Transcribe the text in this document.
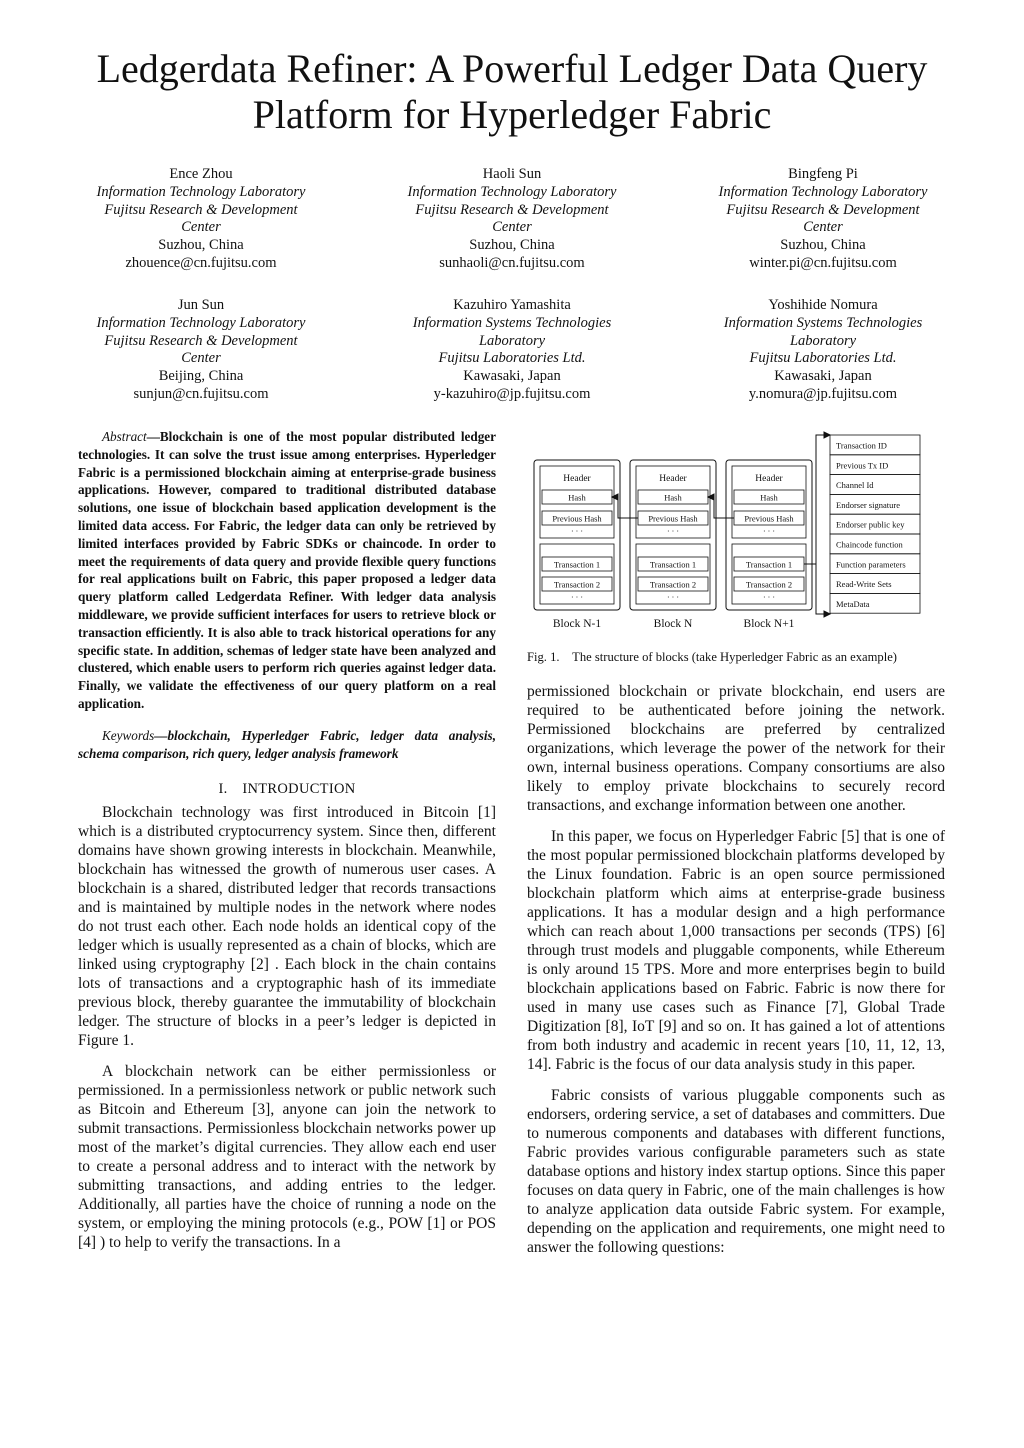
Ledgerdata Refiner: A Powerful Ledger Data Query
Platform for Hyperledger Fabric
Ence Zhou
Information Technology Laboratory
Fujitsu Research & Development
Center
Suzhou, China
zhouence@cn.fujitsu.com
Haoli Sun
Information Technology Laboratory
Fujitsu Research & Development
Center
Suzhou, China
sunhaoli@cn.fujitsu.com
Bingfeng Pi
Information Technology Laboratory
Fujitsu Research & Development
Center
Suzhou, China
winter.pi@cn.fujitsu.com
Jun Sun
Information Technology Laboratory
Fujitsu Research & Development
Center
Beijing, China
sunjun@cn.fujitsu.com
Kazuhiro Yamashita
Information Systems Technologies
Laboratory
Fujitsu Laboratories Ltd.
Kawasaki, Japan
y-kazuhiro@jp.fujitsu.com
Yoshihide Nomura
Information Systems Technologies
Laboratory
Fujitsu Laboratories Ltd.
Kawasaki, Japan
y.nomura@jp.fujitsu.com

Abstract—Blockchain is one of the most popular distributed ledger technologies. It can solve the trust issue among enterprises. Hyperledger Fabric is a permissioned blockchain aiming at enterprise-grade business applications. However, compared to traditional distributed database solutions, one issue of blockchain based application development is the limited data access. For Fabric, the ledger data can only be retrieved by limited interfaces provided by Fabric SDKs or chaincode. In order to meet the requirements of data query and provide flexible query functions for real applications built on Fabric, this paper proposed a ledger data query platform called Ledgerdata Refiner. With ledger data analysis middleware, we provide sufficient interfaces for users to retrieve block or transaction efficiently. It is also able to track historical operations for any specific state. In addition, schemas of ledger state have been analyzed and clustered, which enable users to perform rich queries against ledger data. Finally, we validate the effectiveness of our query platform on a real application.

Keywords—blockchain, Hyperledger Fabric, ledger data analysis, schema comparison, rich query, ledger analysis framework

I.  INTRODUCTION

Blockchain technology was first introduced in Bitcoin [1] which is a distributed cryptocurrency system. Since then, different domains have shown growing interests in blockchain. Meanwhile, blockchain has witnessed the growth of numerous user cases. A blockchain is a shared, distributed ledger that records transactions and is maintained by multiple nodes in the network where nodes do not trust each other. Each node holds an identical copy of the ledger which is usually represented as a chain of blocks, which are linked using cryptography [2] . Each block in the chain contains lots of transactions and a cryptographic hash of its immediate previous block, thereby guarantee the immutability of blockchain ledger. The structure of blocks in a peer’s ledger is depicted in Figure 1.

A blockchain network can be either permissionless or permissioned. In a permissionless network or public network such as Bitcoin and Ethereum [3], anyone can join the network to submit transactions. Permissionless blockchain networks power up most of the market’s digital currencies. They allow each end user to create a personal address and to interact with the network by submitting transactions, and adding entries to the ledger. Additionally, all parties have the choice of running a node on the system, or employing the mining protocols (e.g., POW [1] or POS [4] ) to help to verify the transactions. In a

Header
Hash
Previous Hash
· · ·
Transaction 1
Transaction 2
· · ·
Block N-1
Header
Hash
Previous Hash
· · ·
Transaction 1
Transaction 2
· · ·
Block N
Header
Hash
Previous Hash
· · ·
Transaction 1
Transaction 2
· · ·
Block N+1
Transaction ID
Previous Tx ID
Channel Id
Endorser signature
Endorser public key
Chaincode function
Function parameters
Read-Write Sets
MetaData
Fig. 1. The structure of blocks (take Hyperledger Fabric as an example)

permissioned blockchain or private blockchain, end users are required to be authenticated before joining the network. Permissioned blockchains are preferred by centralized organizations, which leverage the power of the network for their own, internal business operations. Company consortiums are also likely to employ private blockchains to securely record transactions, and exchange information between one another.

In this paper, we focus on Hyperledger Fabric [5] that is one of the most popular permissioned blockchain platforms developed by the Linux foundation. Fabric is an open source permissioned blockchain platform which aims at enterprise-grade business applications. It has a modular design and a high performance which can reach about 1,000 transactions per seconds (TPS) [6] through trust models and pluggable components, while Ethereum is only around 15 TPS. More and more enterprises begin to build blockchain applications based on Fabric. Fabric is now there for used in many use cases such as Finance [7], Global Trade Digitization [8], IoT [9] and so on. It has gained a lot of attentions from both industry and academic in recent years [10, 11, 12, 13, 14]. Fabric is the focus of our data analysis study in this paper.

Fabric consists of various pluggable components such as endorsers, ordering service, a set of databases and committers. Due to numerous components and databases with different functions, Fabric provides various configurable parameters such as state database options and history index startup options. Since this paper focuses on data query in Fabric, one of the main challenges is how to analyze application data outside Fabric system. For example, depending on the application and requirements, one might need to answer the following questions:
